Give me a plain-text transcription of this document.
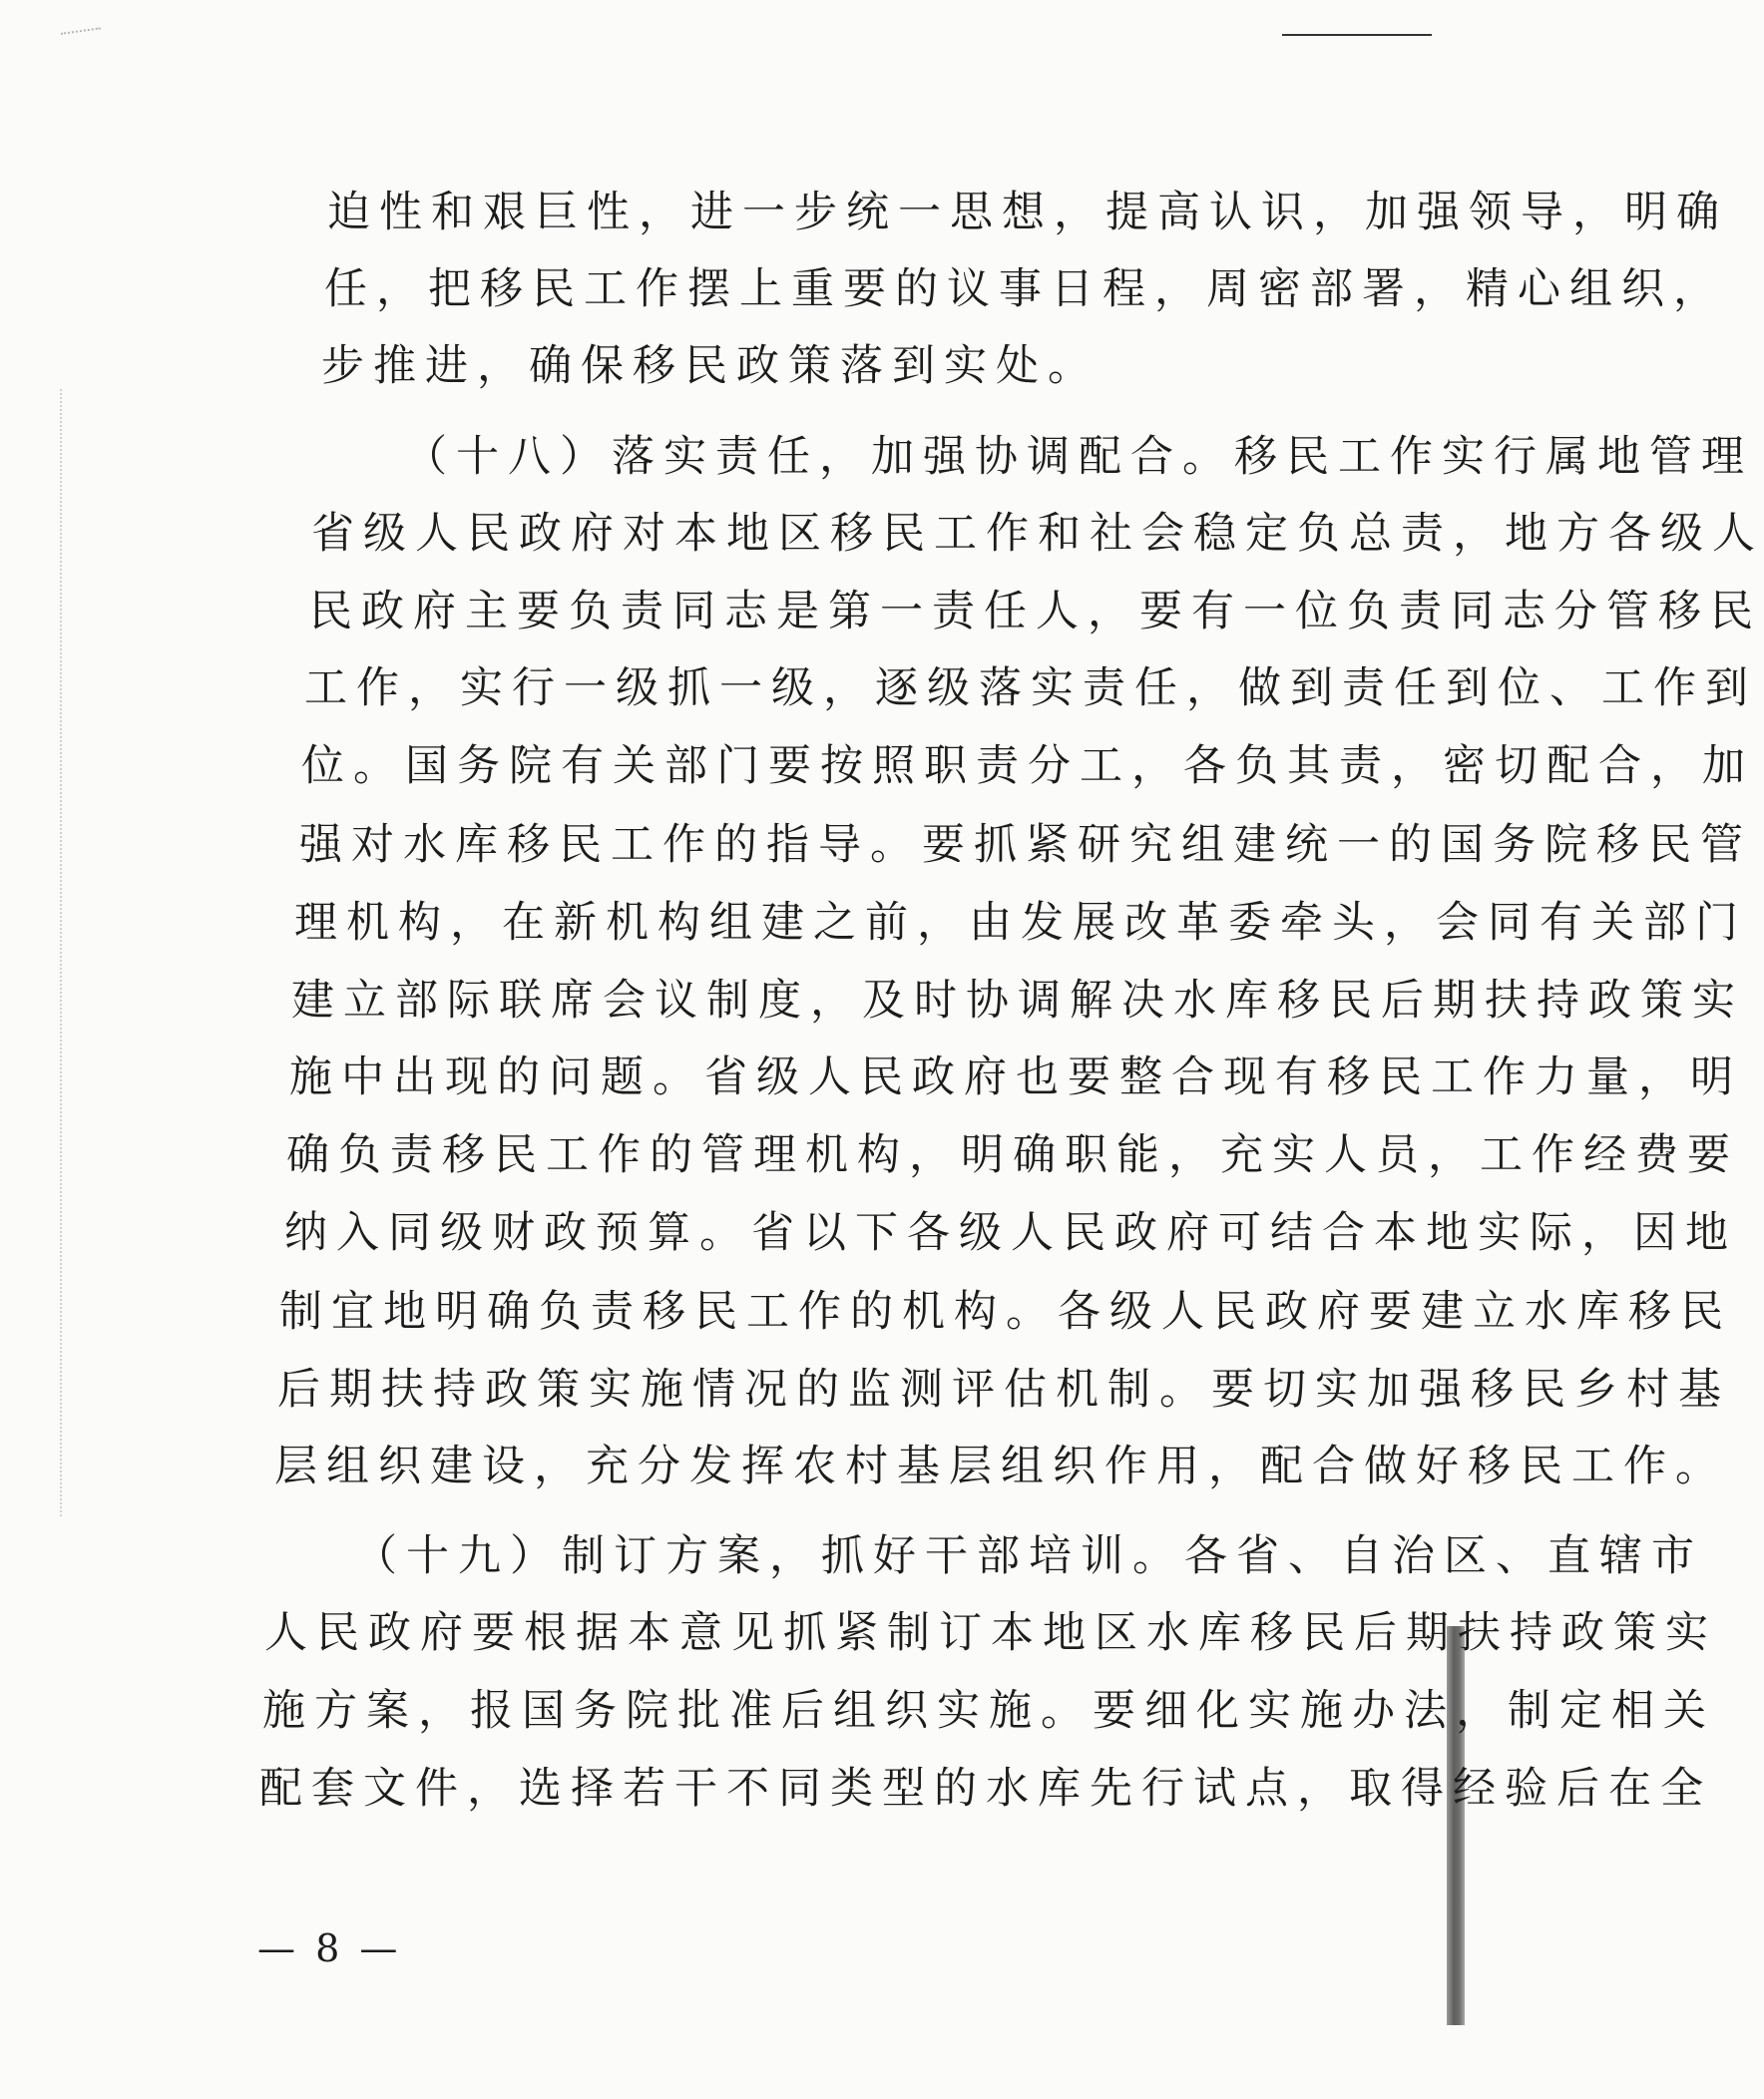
迫性和艰巨性，进一步统一思想，提高认识，加强领导，明确
任，把移民工作摆上重要的议事日程，周密部署，精心组织，
步推进，确保移民政策落到实处。
（十八）落实责任，加强协调配合。移民工作实行属地管理
省级人民政府对本地区移民工作和社会稳定负总责，地方各级人
民政府主要负责同志是第一责任人，要有一位负责同志分管移民
工作，实行一级抓一级，逐级落实责任，做到责任到位、工作到
位。国务院有关部门要按照职责分工，各负其责，密切配合，加
强对水库移民工作的指导。要抓紧研究组建统一的国务院移民管
理机构，在新机构组建之前，由发展改革委牵头，会同有关部门
建立部际联席会议制度，及时协调解决水库移民后期扶持政策实
施中出现的问题。省级人民政府也要整合现有移民工作力量，明
确负责移民工作的管理机构，明确职能，充实人员，工作经费要
纳入同级财政预算。省以下各级人民政府可结合本地实际，因地
制宜地明确负责移民工作的机构。各级人民政府要建立水库移民
后期扶持政策实施情况的监测评估机制。要切实加强移民乡村基
层组织建设，充分发挥农村基层组织作用，配合做好移民工作。
（十九）制订方案，抓好干部培训。各省、自治区、直辖市
人民政府要根据本意见抓紧制订本地区水库移民后期扶持政策实
施方案，报国务院批准后组织实施。要细化实施办法，制定相关
配套文件，选择若干不同类型的水库先行试点，取得经验后在全
— 8 —
